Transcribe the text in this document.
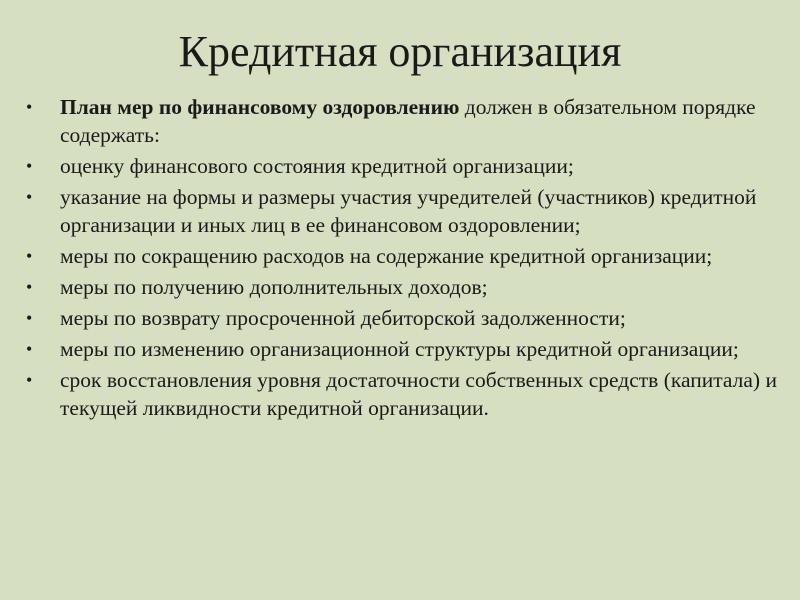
Кредитная организация
• План мер по финансовому оздоровлению должен в обязательном порядке содержать:
• оценку финансового состояния кредитной организации;
• указание на формы и размеры участия учредителей (участников) кредитной организации и иных лиц в ее финансовом оздоровлении;
• меры по сокращению расходов на содержание кредитной организации;
• меры по получению дополнительных доходов;
• меры по возврату просроченной дебиторской задолженности;
• меры по изменению организационной структуры кредитной организации;
• срок восстановления уровня достаточности собственных средств (капитала) и текущей ликвидности кредитной организации.
